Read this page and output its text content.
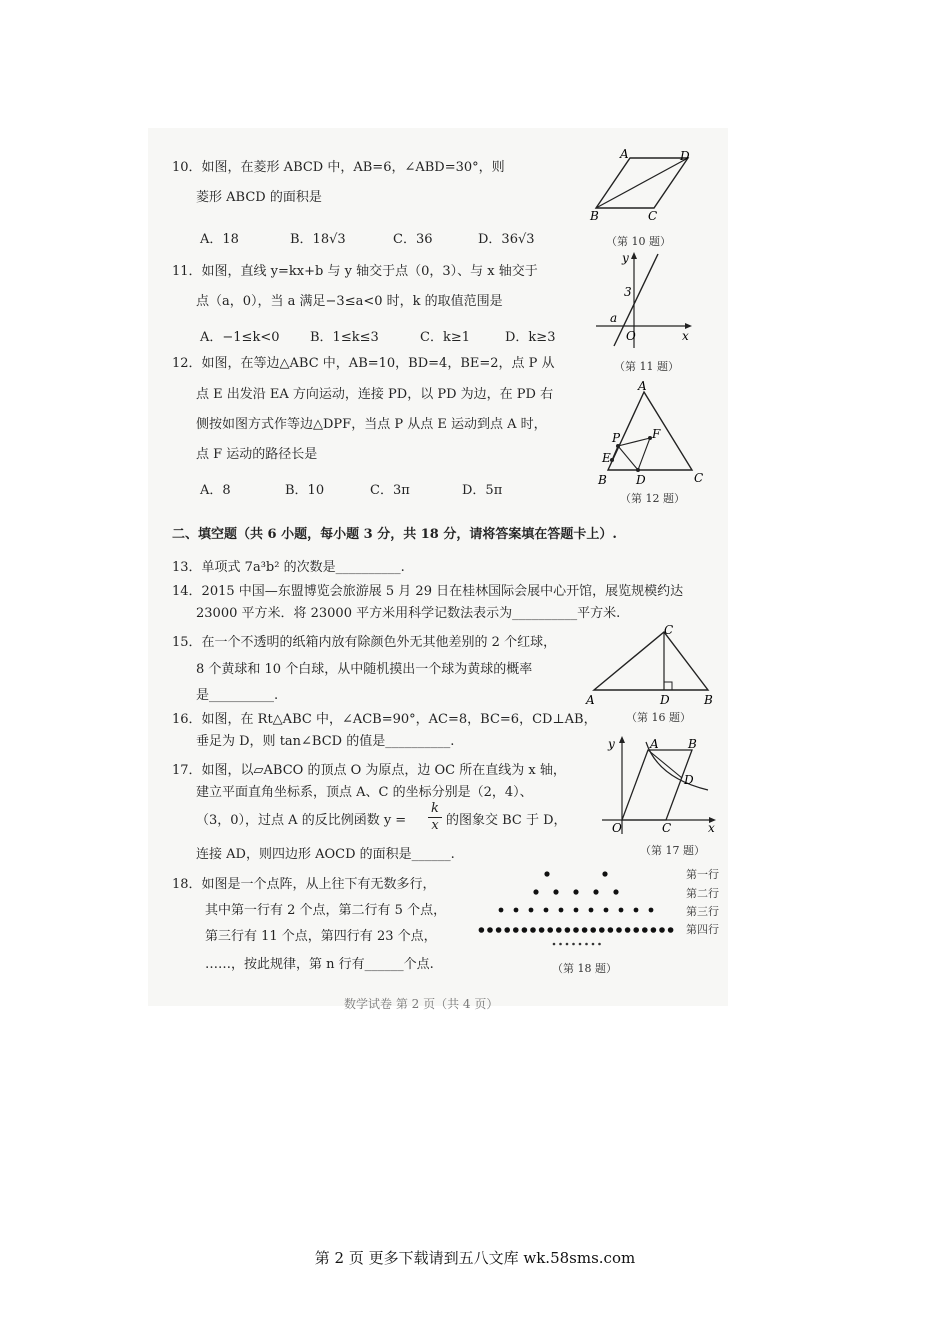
10．如图，在菱形 ABCD 中，AB=6，∠ABD=30°，则
菱形 ABCD 的面积是
A．18	B．18√3	C．36	D．36√3
A	D
B	C
（第 10 题）
11．如图，直线 y=kx+b 与 y 轴交于点（0，3）、与 x 轴交于
点（a，0），当 a 满足−3≤a<0 时，k 的取值范围是
A．−1≤k<0 B．1≤k≤3	C．k≥1	D．k≥3
y
x
O
3
a
（第 11 题）
12．如图，在等边△ABC 中，AB=10，BD=4，BE=2，点 P 从
点 E 出发沿 EA 方向运动，连接 PD，以 PD 为边，在 PD 右
侧按如图方式作等边△DPF，当点 P 从点 E 运动到点 A 时，
点 F 运动的路径长是
A．8	B．10	C．3π	D．5π
A
B	C
D
E
P	F
（第 12 题）
二、填空题（共 6 小题，每小题 3 分，共 18 分，请将答案填在答题卡上）.
13．单项式 7a³b² 的次数是__________.
14．2015 中国—东盟博览会旅游展 5 月 29 日在桂林国际会展中心开馆，展览规模约达
23000 平方米．将 23000 平方米用科学记数法表示为__________平方米.
15．在一个不透明的纸箱内放有除颜色外无其他差别的 2 个红球，
8 个黄球和 10 个白球，从中随机摸出一个球为黄球的概率
是__________.
C
A	D	B
（第 16 题）
16．如图，在 Rt△ABC 中，∠ACB=90°，AC=8，BC=6，CD⊥AB，
垂足为 D，则 tan∠BCD 的值是__________.
17．如图，以▱ABCO 的顶点 O 为原点，边 OC 所在直线为 x 轴，
建立平面直角坐标系，顶点 A、C 的坐标分别是（2，4）、
（3，0），过点 A 的反比例函数 $y = \frac{k}{x}$ 的图象交 BC 于 D，
连接 AD，则四边形 AOCD 的面积是______.
y
x
O
A B
C
D
（第 17 题）
18．如图是一个点阵，从上往下有无数多行，
其中第一行有 2 个点，第二行有 5 个点，
第三行有 11 个点，第四行有 23 个点，
……，按此规律，第 n 行有______个点.
第一行
第二行
第三行
第四行
（第 18 题）
数学试卷 第 2 页（共 4 页）
第 2 页 更多下载请到五八文库 wk.58sms.com
